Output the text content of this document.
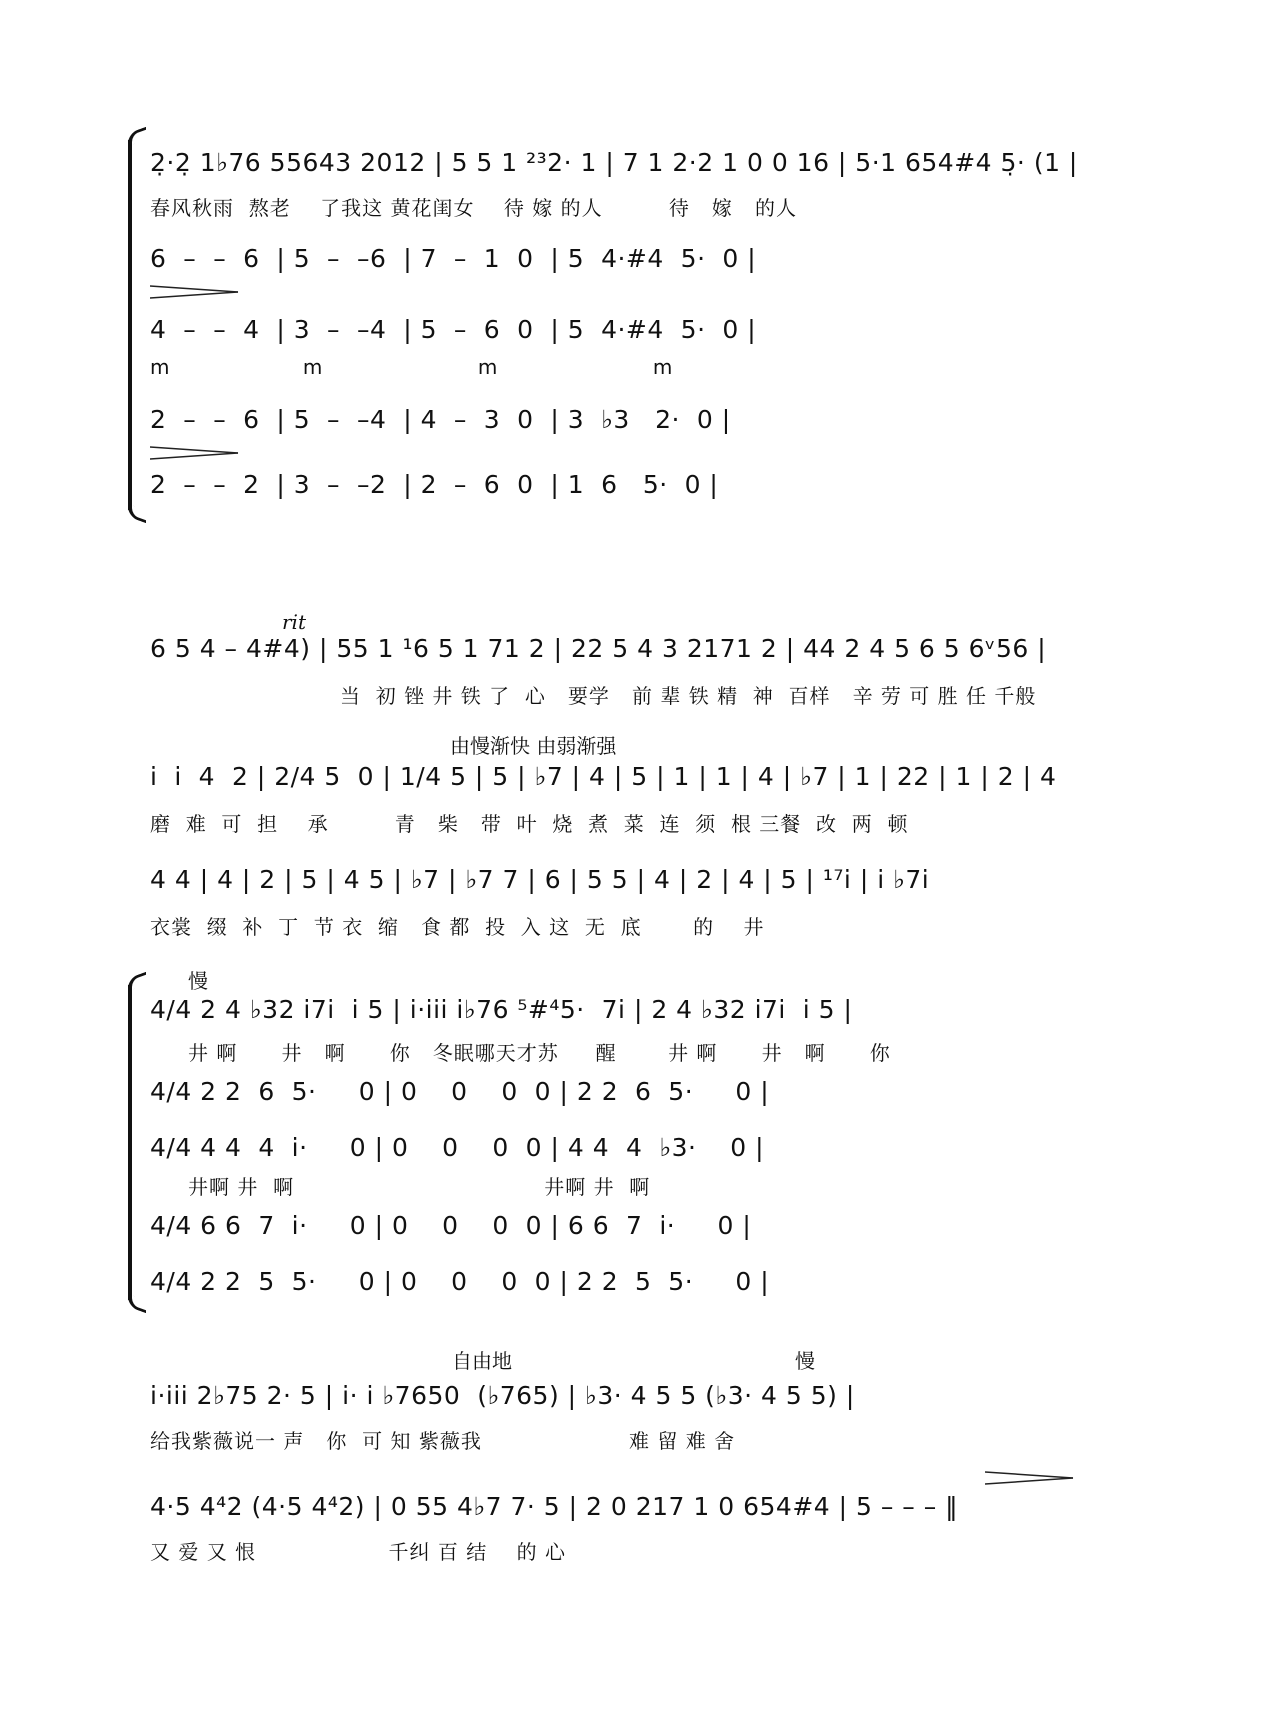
2̣·2̣ 1♭76 55643 2012 | 5 5 1 ²³2· 1 | 7 1 2·2 1 0 0 16 | 5·1 654#4 5̣· (1 |
春风秋雨  熬老    了我这 黄花闺女    待 嫁 的人         待   嫁   的人
6  –  –  6  | 5  –  –6  | 7  –  1  0  | 5  4·#4  5·  0 |
4  –  –  4  | 3  –  –4  | 5  –  6  0  | 5  4·#4  5·  0 |
m                  m                     m                     m
2  –  –  6  | 5  –  –4  | 4  –  3  0  | 3  ♭3   2·  0 |
2  –  –  2  | 3  –  –2  | 2  –  6  0  | 1  6   5·  0 |
rit
6 5 4 – 4#4) | 55 1 ¹6 5 1 71 2 | 22 5 4 3 2171 2 | 44 2 4 5 6 5 6ᵛ56 |
当  初 锉 井 铁 了  心   要学   前 辈 铁 精  神  百样   辛 劳 可 胜 任 千般
由慢渐快 由弱渐强
i  i  4  2 | 2/4 5  0 | 1/4 5 | 5 | ♭7 | 4 | 5 | 1 | 1 | 4 | ♭7 | 1 | 22 | 1 | 2 | 4
磨  难  可  担    承         青   柴   带  叶  烧  煮  菜  连  须  根 三餐  改  两  顿
4 4 | 4 | 2 | 5 | 4 5 | ♭7 | ♭7 7 | 6 | 5 5 | 4 | 2 | 4 | 5 | ¹⁷i | i ♭7i
衣裳  缀  补  丁  节 衣  缩   食 都  投  入 这  无  底       的    井
慢
4/4 2 4 ♭32 i7i  i 5 | i·iii i♭76 ⁵#⁴5·  7i | 2 4 ♭32 i7i  i 5 |
井 啊      井   啊      你   冬眠哪天才苏     醒       井 啊      井   啊      你
4/4 2 2  6  5·     0 | 0    0    0  0 | 2 2  6  5·     0 |
4/4 4 4  4  i·     0 | 0    0    0  0 | 4 4  4  ♭3·    0 |
井啊 井  啊                                  井啊 井  啊
4/4 6 6  7  i·     0 | 0    0    0  0 | 6 6  7  i·     0 |
4/4 2 2  5  5·     0 | 0    0    0  0 | 2 2  5  5·     0 |
自由地	慢
i·iii 2♭75 2· 5 | i· i ♭7650  (♭765) | ♭3· 4 5 5 (♭3· 4 5 5) |
给我紫薇说一 声   你  可 知 紫薇我                    难 留 难 舍
4·5 4⁴2 (4·5 4⁴2) | 0 55 4♭7 7· 5 | 2 0 217 1 0 654#4 | 5 – – – ‖
又 爱 又 恨                  千纠 百 结    的 心
